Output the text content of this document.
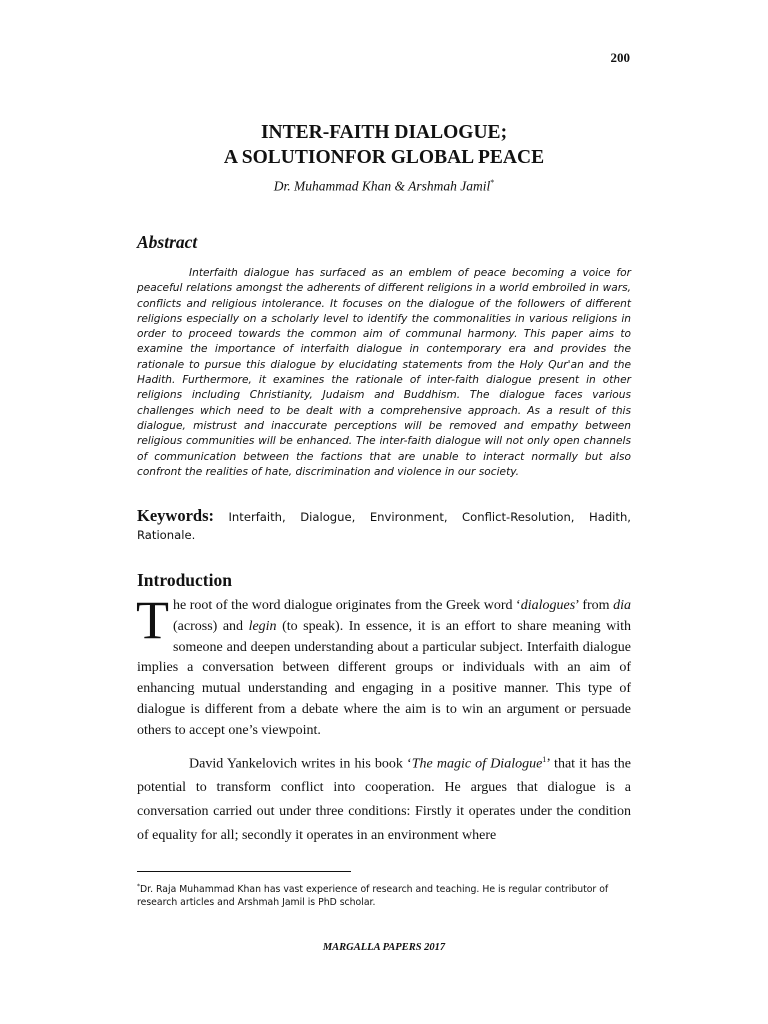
200
INTER-FAITH DIALOGUE;
A SOLUTIONFOR GLOBAL PEACE
Dr. Muhammad Khan & Arshmah Jamil*
Abstract
Interfaith dialogue has surfaced as an emblem of peace becoming a voice for peaceful relations amongst the adherents of different religions in a world embroiled in wars, conflicts and religious intolerance. It focuses on the dialogue of the followers of different religions especially on a scholarly level to identify the commonalities in various religions in order to proceed towards the common aim of communal harmony. This paper aims to examine the importance of interfaith dialogue in contemporary era and provides the rationale to pursue this dialogue by elucidating statements from the Holy Qur'an and the Hadith. Furthermore, it examines the rationale of inter-faith dialogue present in other religions including Christianity, Judaism and Buddhism. The dialogue faces various challenges which need to be dealt with a comprehensive approach. As a result of this dialogue, mistrust and inaccurate perceptions will be removed and empathy between religious communities will be enhanced. The inter-faith dialogue will not only open channels of communication between the factions that are unable to interact normally but also confront the realities of hate, discrimination and violence in our society.
Keywords: Interfaith, Dialogue, Environment, Conflict-Resolution, Hadith, Rationale.
Introduction
The root of the word dialogue originates from the Greek word ‘dialogues’ from dia (across) and legin (to speak). In essence, it is an effort to share meaning with someone and deepen understanding about a particular subject. Interfaith dialogue implies a conversation between different groups or individuals with an aim of enhancing mutual understanding and engaging in a positive manner. This type of dialogue is different from a debate where the aim is to win an argument or persuade others to accept one’s viewpoint.
David Yankelovich writes in his book ‘The magic of Dialogue$^1$’ that it has the potential to transform conflict into cooperation. He argues that dialogue is a conversation carried out under three conditions: Firstly it operates under the condition of equality for all; secondly it operates in an environment where
*Dr. Raja Muhammad Khan has vast experience of research and teaching. He is regular contributor of research articles and Arshmah Jamil is PhD scholar.
MARGALLA PAPERS 2017
